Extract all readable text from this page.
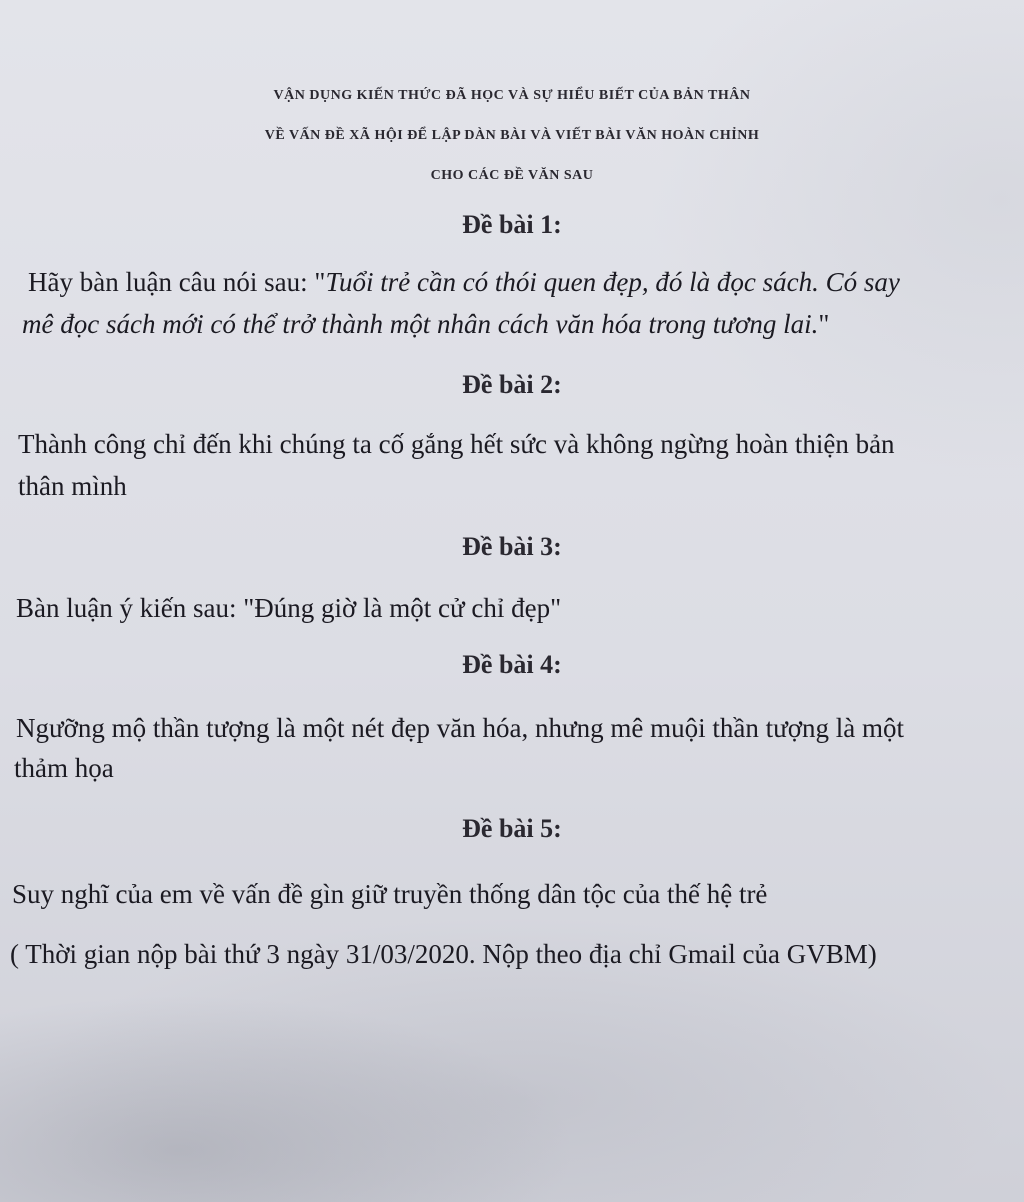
VẬN DỤNG KIẾN THỨC ĐÃ HỌC VÀ SỰ HIỂU BIẾT CỦA BẢN THÂN
VỀ VẤN ĐỀ XÃ HỘI ĐỂ LẬP DÀN BÀI VÀ VIẾT BÀI VĂN HOÀN CHỈNH
CHO CÁC ĐỀ VĂN SAU
Đề bài 1:
Hãy bàn luận câu nói sau: "Tuổi trẻ cần có thói quen đẹp, đó là đọc sách. Có say
mê đọc sách mới có thể trở thành một nhân cách văn hóa trong tương lai."
Đề bài 2:
Thành công chỉ đến khi chúng ta cố gắng hết sức và không ngừng hoàn thiện bản
thân mình
Đề bài 3:
Bàn luận ý kiến sau: "Đúng giờ là một cử chỉ đẹp"
Đề bài 4:
Ngưỡng mộ thần tượng là một nét đẹp văn hóa, nhưng mê muội thần tượng là một
thảm họa
Đề bài 5:
Suy nghĩ của em về vấn đề gìn giữ truyền thống dân tộc của thế hệ trẻ
( Thời gian nộp bài thứ 3 ngày 31/03/2020. Nộp theo địa chỉ Gmail của GVBM)
